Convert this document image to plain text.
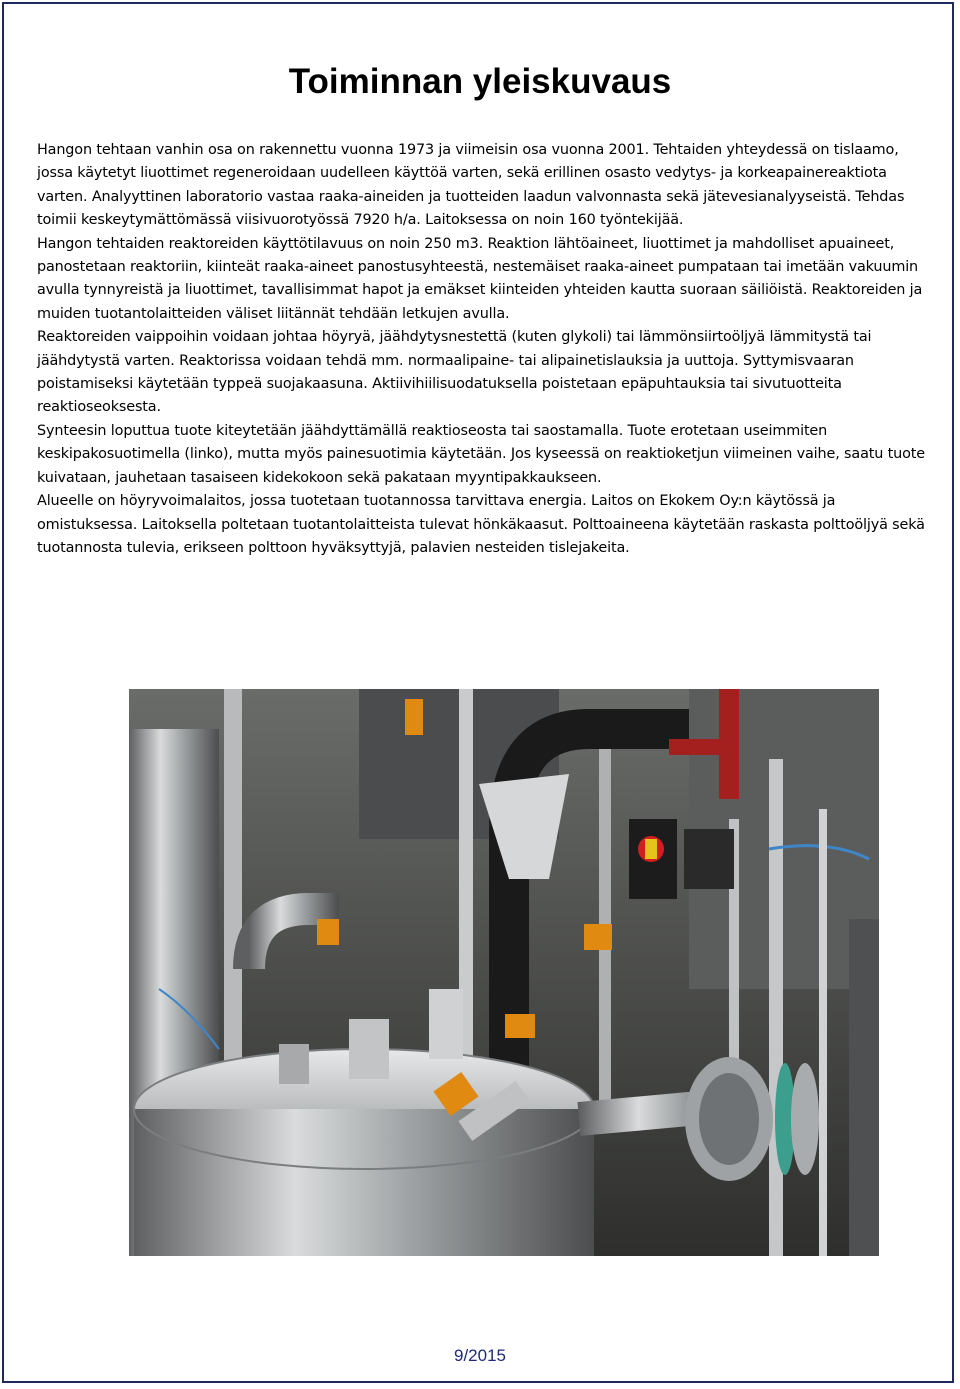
Toiminnan yleiskuvaus

Hangon tehtaan vanhin osa on rakennettu vuonna 1973 ja viimeisin osa vuonna 2001. Tehtaiden yhteydessä on tislaamo, jossa käytetyt liuottimet regeneroidaan uudelleen käyttöä varten, sekä erillinen osasto vedytys- ja korkeapainereaktiota varten. Analyyttinen laboratorio vastaa raaka-aineiden ja tuotteiden laadun valvonnasta sekä jätevesianalyyseistä. Tehdas toimii keskeytymättömässä viisivuorotyössä 7920 h/a. Laitoksessa on noin 160 työntekijää.

Hangon tehtaiden reaktoreiden käyttötilavuus on noin 250 m3. Reaktion lähtöaineet, liuottimet ja mahdolliset apuaineet, panostetaan reaktoriin, kiinteät raaka-aineet panostusyhteestä, nestemäiset raaka-aineet pumpataan tai imetään vakuumin avulla tynnyreistä ja liuottimet, tavallisimmat hapot ja emäkset kiinteiden yhteiden kautta suoraan säiliöistä. Reaktoreiden ja muiden tuotantolaitteiden väliset liitännät tehdään letkujen avulla.

Reaktoreiden vaippoihin voidaan johtaa höyryä, jäähdytysnestettä (kuten glykoli) tai lämmönsiirtoöljyä lämmitystä tai jäähdytystä varten. Reaktorissa voidaan tehdä mm. normaalipaine- tai alipainetislauksia ja uuttoja. Syttymisvaaran poistamiseksi käytetään typpeä suojakaasuna. Aktiivihiilisuodatuksella poistetaan epäpuhtauksia tai sivutuotteita reaktioseoksesta.

Synteesin loputtua tuote kiteytetään jäähdyttämällä reaktioseosta tai saostamalla. Tuote erotetaan useimmiten keskipakosuotimella (linko), mutta myös painesuotimia käytetään. Jos kyseessä on reaktioketjun viimeinen vaihe, saatu tuote kuivataan, jauhetaan tasaiseen kidekokoon sekä pakataan myyntipakkaukseen.

Alueelle on höyryvoimalaitos, jossa tuotetaan tuotannossa tarvittava energia. Laitos on Ekokem Oy:n käytössä ja omistuksessa. Laitoksella poltetaan tuotantolaitteista tulevat hönkäkaasut. Polttoaineena käytetään raskasta polttoöljyä sekä tuotannosta tulevia, erikseen polttoon hyväksyttyjä, palavien nesteiden tislejakeita.

9/2015
